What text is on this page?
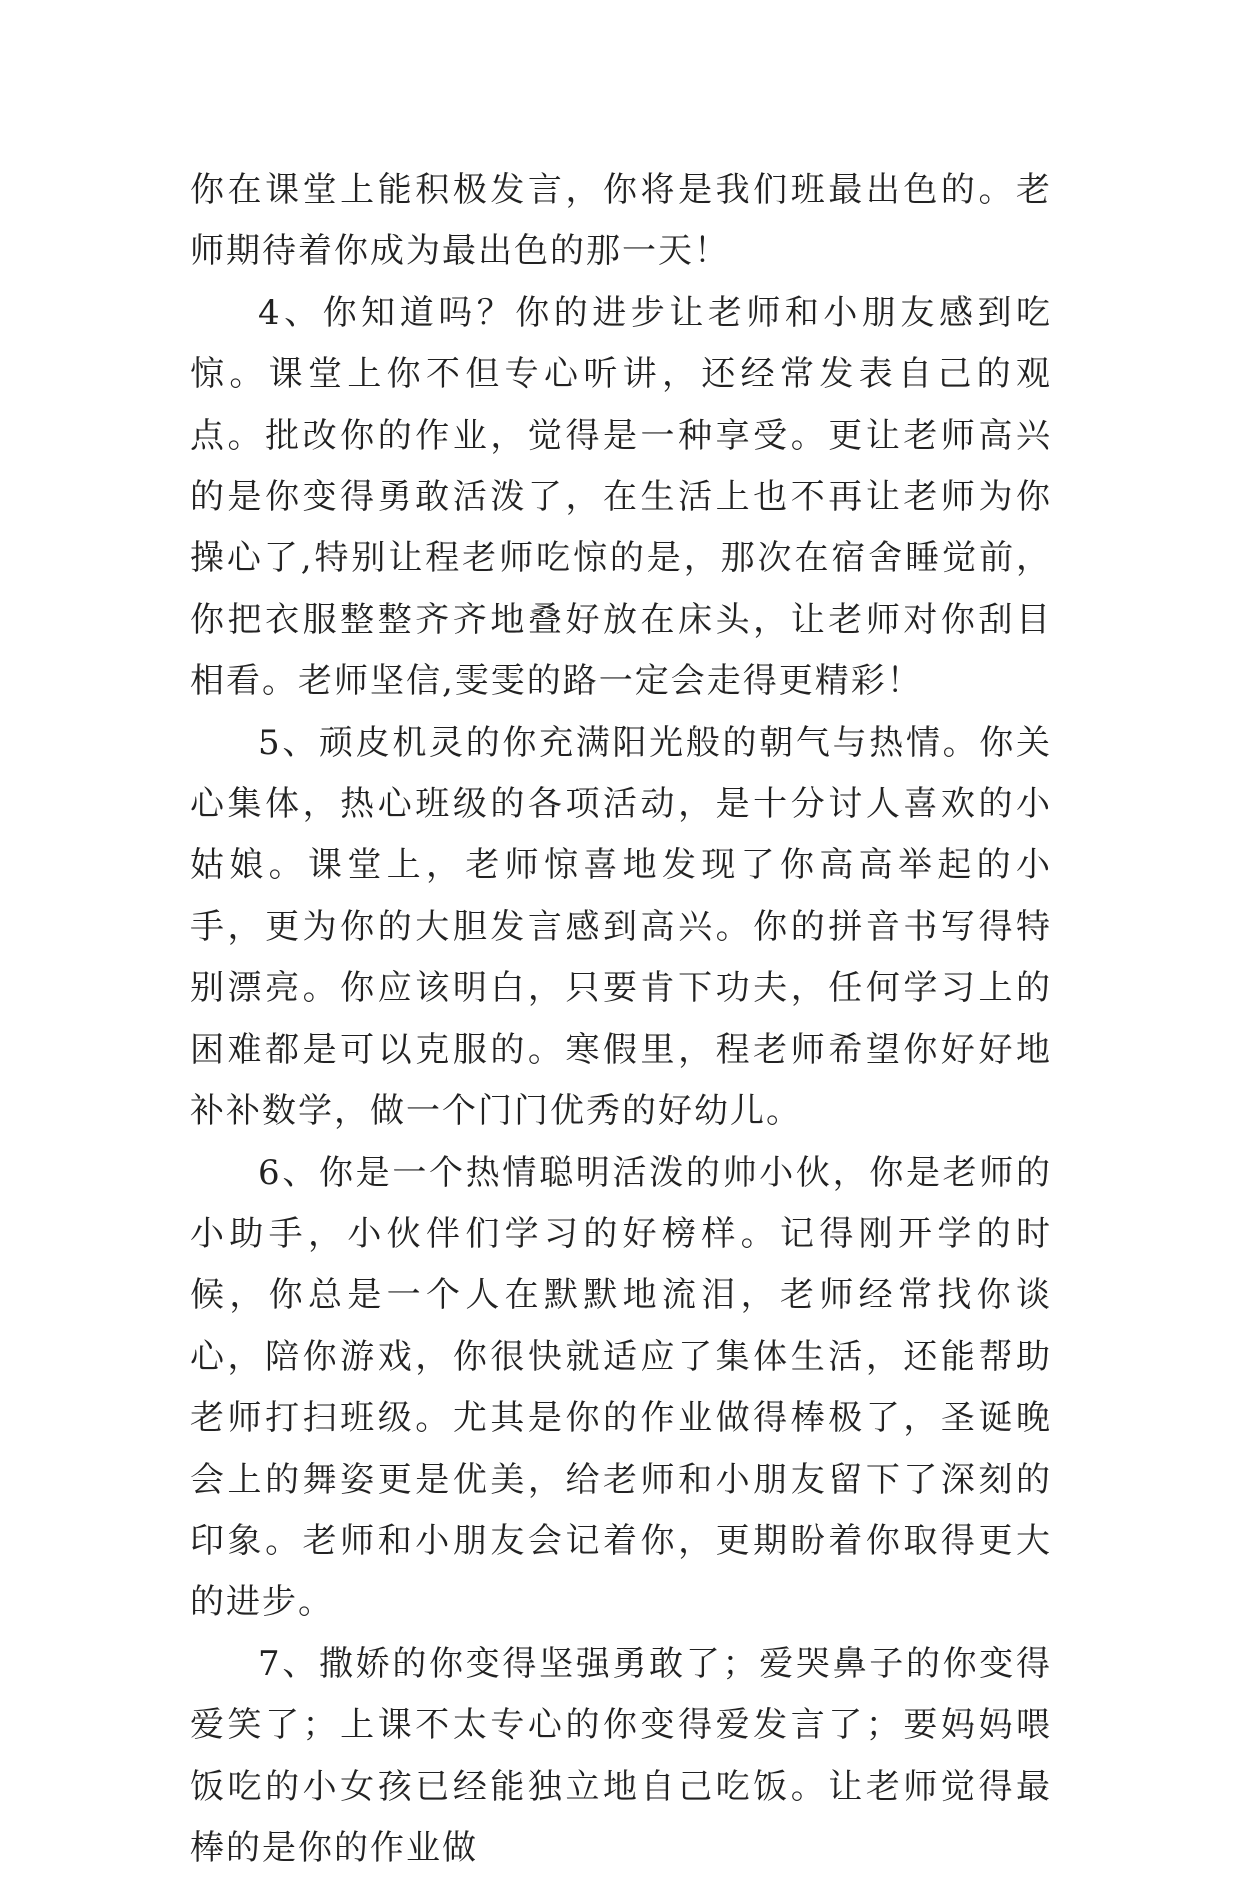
你在课堂上能积极发言，你将是我们班最出色的。老师期待着你成为最出色的那一天！

4、你知道吗？你的进步让老师和小朋友感到吃惊。课堂上你不但专心听讲，还经常发表自己的观点。批改你的作业，觉得是一种享受。更让老师高兴的是你变得勇敢活泼了，在生活上也不再让老师为你操心了,特别让程老师吃惊的是，那次在宿舍睡觉前，你把衣服整整齐齐地叠好放在床头，让老师对你刮目相看。老师坚信,雯雯的路一定会走得更精彩！

5、顽皮机灵的你充满阳光般的朝气与热情。你关心集体，热心班级的各项活动，是十分讨人喜欢的小姑娘。课堂上，老师惊喜地发现了你高高举起的小手，更为你的大胆发言感到高兴。你的拼音书写得特别漂亮。你应该明白，只要肯下功夫，任何学习上的困难都是可以克服的。寒假里，程老师希望你好好地补补数学，做一个门门优秀的好幼儿。

6、你是一个热情聪明活泼的帅小伙，你是老师的小助手，小伙伴们学习的好榜样。记得刚开学的时候，你总是一个人在默默地流泪，老师经常找你谈心，陪你游戏，你很快就适应了集体生活，还能帮助老师打扫班级。尤其是你的作业做得棒极了，圣诞晚会上的舞姿更是优美，给老师和小朋友留下了深刻的印象。老师和小朋友会记着你，更期盼着你取得更大的进步。

7、撒娇的你变得坚强勇敢了；爱哭鼻子的你变得爱笑了；上课不太专心的你变得爱发言了；要妈妈喂饭吃的小女孩已经能独立地自己吃饭。让老师觉得最棒的是你的作业做
